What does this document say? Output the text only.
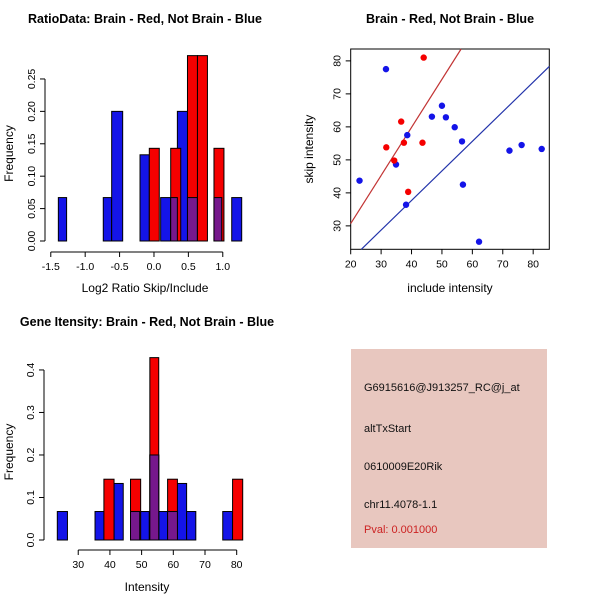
-1.5 -1.0 -0.5 0.0 0.5 1.0
0.00
0.05
0.10
0.15
0.20
0.25
RatioData: Brain - Red, Not Brain - Blue
Log2 Ratio Skip/Include
Frequency
20 30 40 50 60 70 80
30
40
50
60
70
80
Brain - Red, Not Brain - Blue
include intensity
skip intensity
30 40 50 60 70 80
0.0
0.1
0.2
0.3
0.4
Gene Itensity: Brain - Red, Not Brain - Blue
Intensity
Frequency
G6915616@J913257_RC@j_at
altTxStart
0610009E20Rik
chr11.4078-1.1
Pval: 0.001000
